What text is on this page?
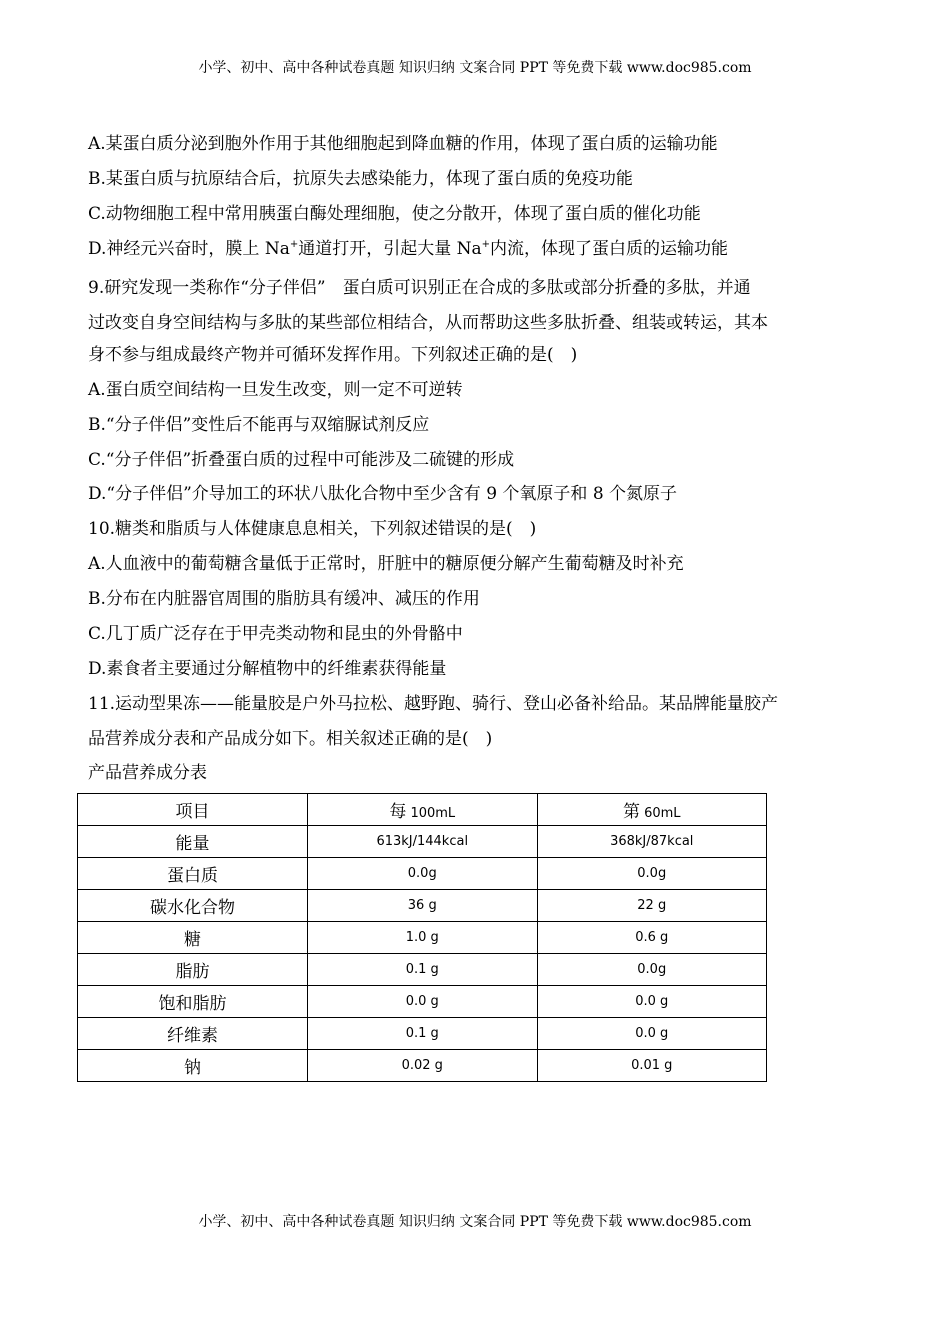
小学、初中、高中各种试卷真题 知识归纳 文案合同 PPT 等免费下载 www.doc985.com
A.某蛋白质分泌到胞外作用于其他细胞起到降血糖的作用，体现了蛋白质的运输功能
B.某蛋白质与抗原结合后，抗原失去感染能力，体现了蛋白质的免疫功能
C.动物细胞工程中常用胰蛋白酶处理细胞，使之分散开，体现了蛋白质的催化功能
D.神经元兴奋时，膜上 Na+通道打开，引起大量 Na+内流，体现了蛋白质的运输功能
9.研究发现一类称作“分子伴侣”　蛋白质可识别正在合成的多肽或部分折叠的多肽，并通
过改变自身空间结构与多肽的某些部位相结合，从而帮助这些多肽折叠、组装或转运，其本
身不参与组成最终产物并可循环发挥作用。下列叙述正确的是(　)
A.蛋白质空间结构一旦发生改变，则一定不可逆转
B.“分子伴侣”变性后不能再与双缩脲试剂反应
C.“分子伴侣”折叠蛋白质的过程中可能涉及二硫键的形成
D.“分子伴侣”介导加工的环状八肽化合物中至少含有 9 个氧原子和 8 个氮原子
10.糖类和脂质与人体健康息息相关，下列叙述错误的是(　)
A.人血液中的葡萄糖含量低于正常时，肝脏中的糖原便分解产生葡萄糖及时补充
B.分布在内脏器官周围的脂肪具有缓冲、减压的作用
C.几丁质广泛存在于甲壳类动物和昆虫的外骨骼中
D.素食者主要通过分解植物中的纤维素获得能量
11.运动型果冻——能量胶是户外马拉松、越野跑、骑行、登山必备补给品。某品牌能量胶产
品营养成分表和产品成分如下。相关叙述正确的是(　)
产品营养成分表
项目	每 100mL	第 60mL
能量	613kJ/144kcal	368kJ/87kcal
蛋白质	0.0g	0.0g
碳水化合物	36 g	22 g
糖	1.0 g	0.6 g
脂肪	0.1 g	0.0g
饱和脂肪	0.0 g	0.0 g
纤维素	0.1 g	0.0 g
钠	0.02 g	0.01 g
小学、初中、高中各种试卷真题 知识归纳 文案合同 PPT 等免费下载 www.doc985.com
